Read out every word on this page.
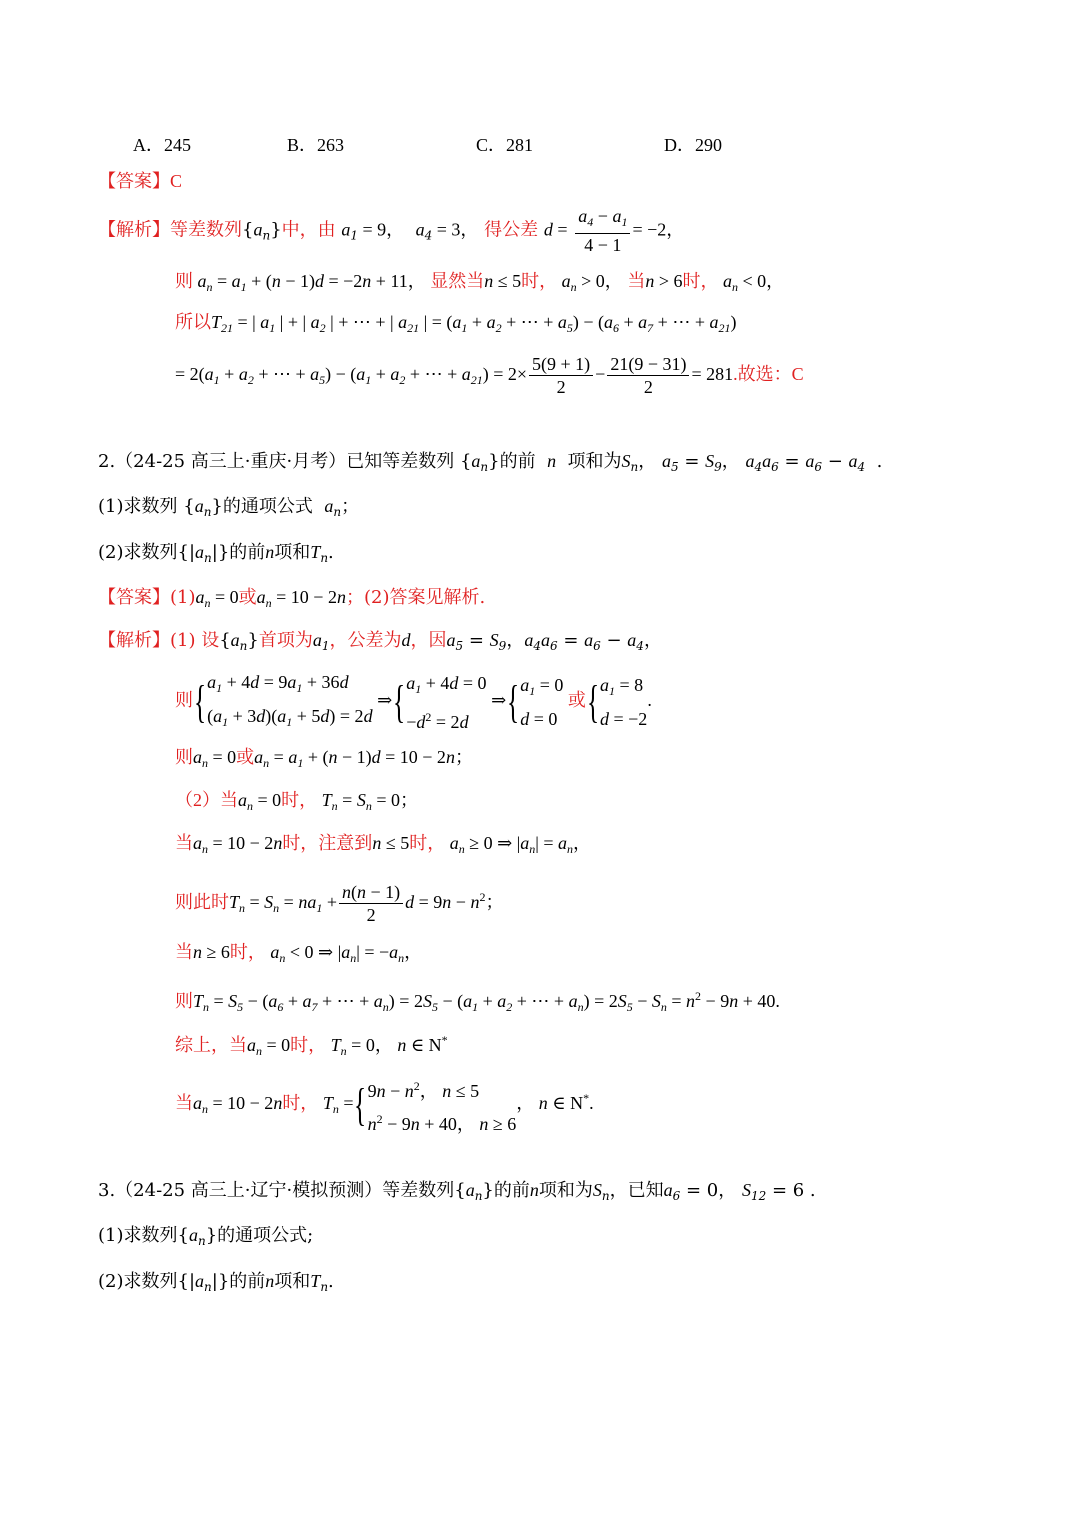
A．245	B．263	C．281	D．290
【答案】C
【解析】等差数列$\{a_n\}$中，由 $a_1 = 9$， $a_4 = 3$， 得公差 $d = \frac{a_4 - a_1}{4 - 1} = -2$，
则 $a_n = a_1 + (n - 1)d = -2n + 11$， 显然当n ≤ 5时， $a_n > 0$， 当n > 6时， $a_n < 0$，
所以$T_{21}$ = | $a_1$ | + | $a_2$ | + ⋯ + | $a_{21}$ | = ($a_1 + a_2$ + ⋯ + $a_5) - (a_6 + a_7$ + ⋯ + $a_{21}$)
= $2(a_1 + a_2$ + ⋯ + $a_5) - (a_1 + a_2$ + ⋯ + $a_{21}) = 2\times \frac{5(9 + 1)}{2} - \frac{21(9 - 31)}{2} = 281$.故选：C
2.（24-25 高三上·重庆·月考）已知等差数列 $\{a_n\}$的前 n 项和为$S_n$， $a_5 = S_9$， $a_4a_6 = a_6 - a_4$  .
(1)求数列 $\{a_n\}$的通项公式 $a_n$；
(2)求数列$\{|a_n|\}$的前n项和$T_n$.
【答案】$(1)a_n = 0$或$a_n = 10 - 2n$；(2)答案见解析.
【解析】(1) 设$\{a_n\}$首项为$a_1$，公差为d，因$a_5 = S_9$，$a_4a_6 = a_6 - a_4$，
则{$a_1 + 4d = 9a_1 + 36d$
$(a_1 + 3d)(a_1 + 5d) = 2d$ $\Rightarrow\{a_1 + 4d = 0$
$-d^2 = 2d$ $\Rightarrow\{a_1 = 0$
d = 0 或{$a_1 = 8$
d = −2.
则$a_n = 0$或$a_n = a_1 + (n - 1)d = 10 - 2n$；
（2）当$a_n = 0$时， $T_n = S_n = 0$；
当$a_n = 10 - 2n$时，注意到n ≤ 5时， $a_n \ge 0$ ⇒ $|a_n| = a_n$，
则此时$T_n = S_n = na_1 + \frac{n(n - 1)}{2}$ $d = 9n - n^2$；
当n ≥ 6时， $a_n < 0$ ⇒ $|a_n| = -a_n$，
则$T_n = S_5 - (a_6 + a_7$ + ⋯ + $a_n) = 2S_5 - (a_1 + a_2$ + ⋯ + $a_n) = 2S_5 - S_n = n^2 - 9n + 40$.
综上，当$a_n = 0$时， $T_n = 0$， n ∈ N*
当$a_n = 10 - 2n$时， $T_n =\{9n - n^2$， n ≤ 5
$n^2 - 9n + 40$， n ≥ 6， n ∈ N*.
3.（24-25 高三上·辽宁·模拟预测）等差数列$\{a_n\}$的前n项和为$S_n$，已知$a_6 = 0$， $S_{12} = 6$ .
(1)求数列$\{a_n\}$的通项公式;
(2)求数列$\{|a_n|\}$的前n项和$T_n$.
